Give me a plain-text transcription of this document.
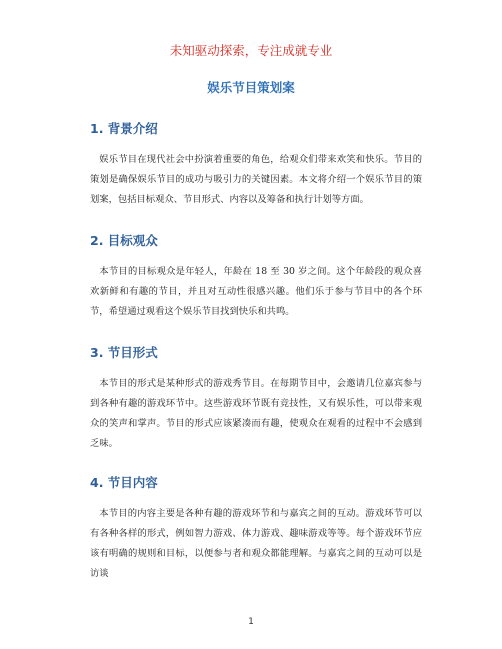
未知驱动探索，专注成就专业
娱乐节目策划案
1. 背景介绍
娱乐节目在现代社会中扮演着重要的角色，给观众们带来欢笑和快乐。节目的策划是确保娱乐节目的成功与吸引力的关键因素。本文将介绍一个娱乐节目的策划案，包括目标观众、节目形式、内容以及筹备和执行计划等方面。
2. 目标观众
本节目的目标观众是年轻人，年龄在 18 至 30 岁之间。这个年龄段的观众喜欢新鲜和有趣的节目，并且对互动性很感兴趣。他们乐于参与节目中的各个环节，希望通过观看这个娱乐节目找到快乐和共鸣。
3. 节目形式
本节目的形式是某种形式的游戏秀节目。在每期节目中，会邀请几位嘉宾参与到各种有趣的游戏环节中。这些游戏环节既有竞技性，又有娱乐性，可以带来观众的笑声和掌声。节目的形式应该紧凑而有趣，使观众在观看的过程中不会感到乏味。
4. 节目内容
本节目的内容主要是各种有趣的游戏环节和与嘉宾之间的互动。游戏环节可以有各种各样的形式，例如智力游戏、体力游戏、趣味游戏等等。每个游戏环节应该有明确的规则和目标，以便参与者和观众都能理解。与嘉宾之间的互动可以是访谈
1
